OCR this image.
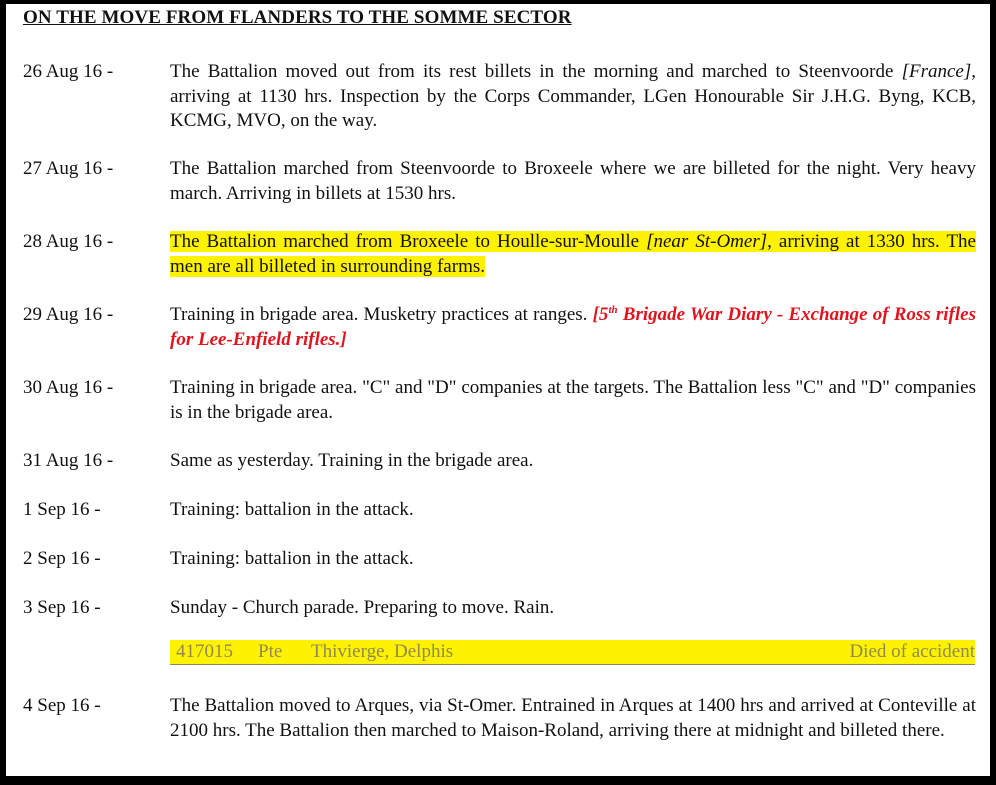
ON THE MOVE FROM FLANDERS TO THE SOMME SECTOR
26 Aug 16 -	The Battalion moved out from its rest billets in the morning and marched to Steenvoorde [France], arriving at 1130 hrs. Inspection by the Corps Commander, LGen Honourable Sir J.H.G. Byng, KCB, KCMG, MVO, on the way.
27 Aug 16 -	The Battalion marched from Steenvoorde to Broxeele where we are billeted for the night. Very heavy march. Arriving in billets at 1530 hrs.
28 Aug 16 -	The Battalion marched from Broxeele to Houlle-sur-Moulle [near St-Omer], arriving at 1330 hrs. The men are all billeted in surrounding farms.
29 Aug 16 -	Training in brigade area. Musketry practices at ranges. [5th Brigade War Diary - Exchange of Ross rifles for Lee-Enfield rifles.]
30 Aug 16 -	Training in brigade area. "C" and "D" companies at the targets. The Battalion less "C" and "D" companies is in the brigade area.
31 Aug 16 -	Same as yesterday. Training in the brigade area.
1 Sep 16 -	Training: battalion in the attack.
2 Sep 16 -	Training: battalion in the attack.
3 Sep 16 -	Sunday - Church parade. Preparing to move. Rain.
417015 Pte Thivierge, Delphis	Died of accident
4 Sep 16 -	The Battalion moved to Arques, via St-Omer. Entrained in Arques at 1400 hrs and arrived at Conteville at 2100 hrs. The Battalion then marched to Maison-Roland, arriving there at midnight and billeted there.
